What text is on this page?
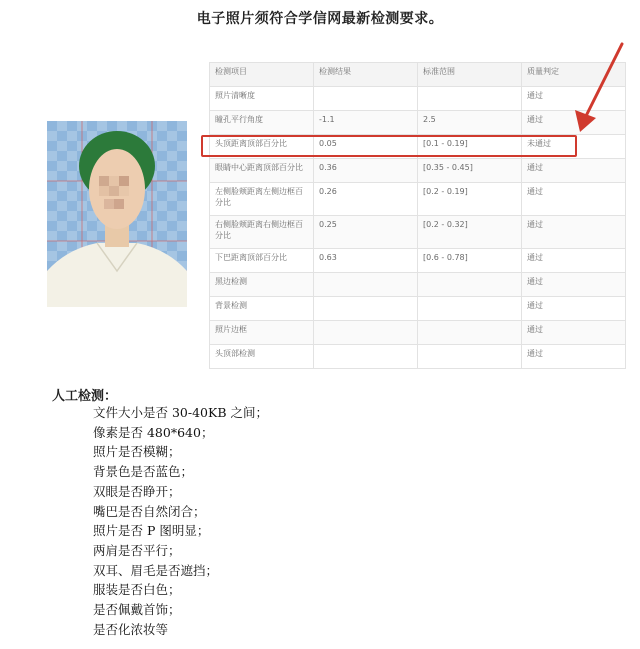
电子照片须符合学信网最新检测要求。
检测项目	检测结果	标准范围	质量判定
照片清晰度			通过
瞳孔平行角度	-1.1	2.5	通过
头顶距离顶部百分比	0.05	[0.1 - 0.19]	未通过
眼睛中心距离顶部百分比	0.36	[0.35 - 0.45]	通过
左侧脸颊距离左侧边框百分比	0.26	[0.2 - 0.19]	通过
右侧脸颊距离右侧边框百分比	0.25	[0.2 - 0.32]	通过
下巴距离顶部百分比	0.63	[0.6 - 0.78]	通过
黑边检测			通过
背景检测			通过
照片边框			通过
头顶部检测			通过
人工检测：
文件大小是否 30-40KB 之间；
像素是否 480*640；
照片是否模糊；
背景色是否蓝色；
双眼是否睁开；
嘴巴是否自然闭合；
照片是否 P 图明显；
两肩是否平行；
双耳、眉毛是否遮挡；
服装是否白色；
是否佩戴首饰；
是否化浓妆等
